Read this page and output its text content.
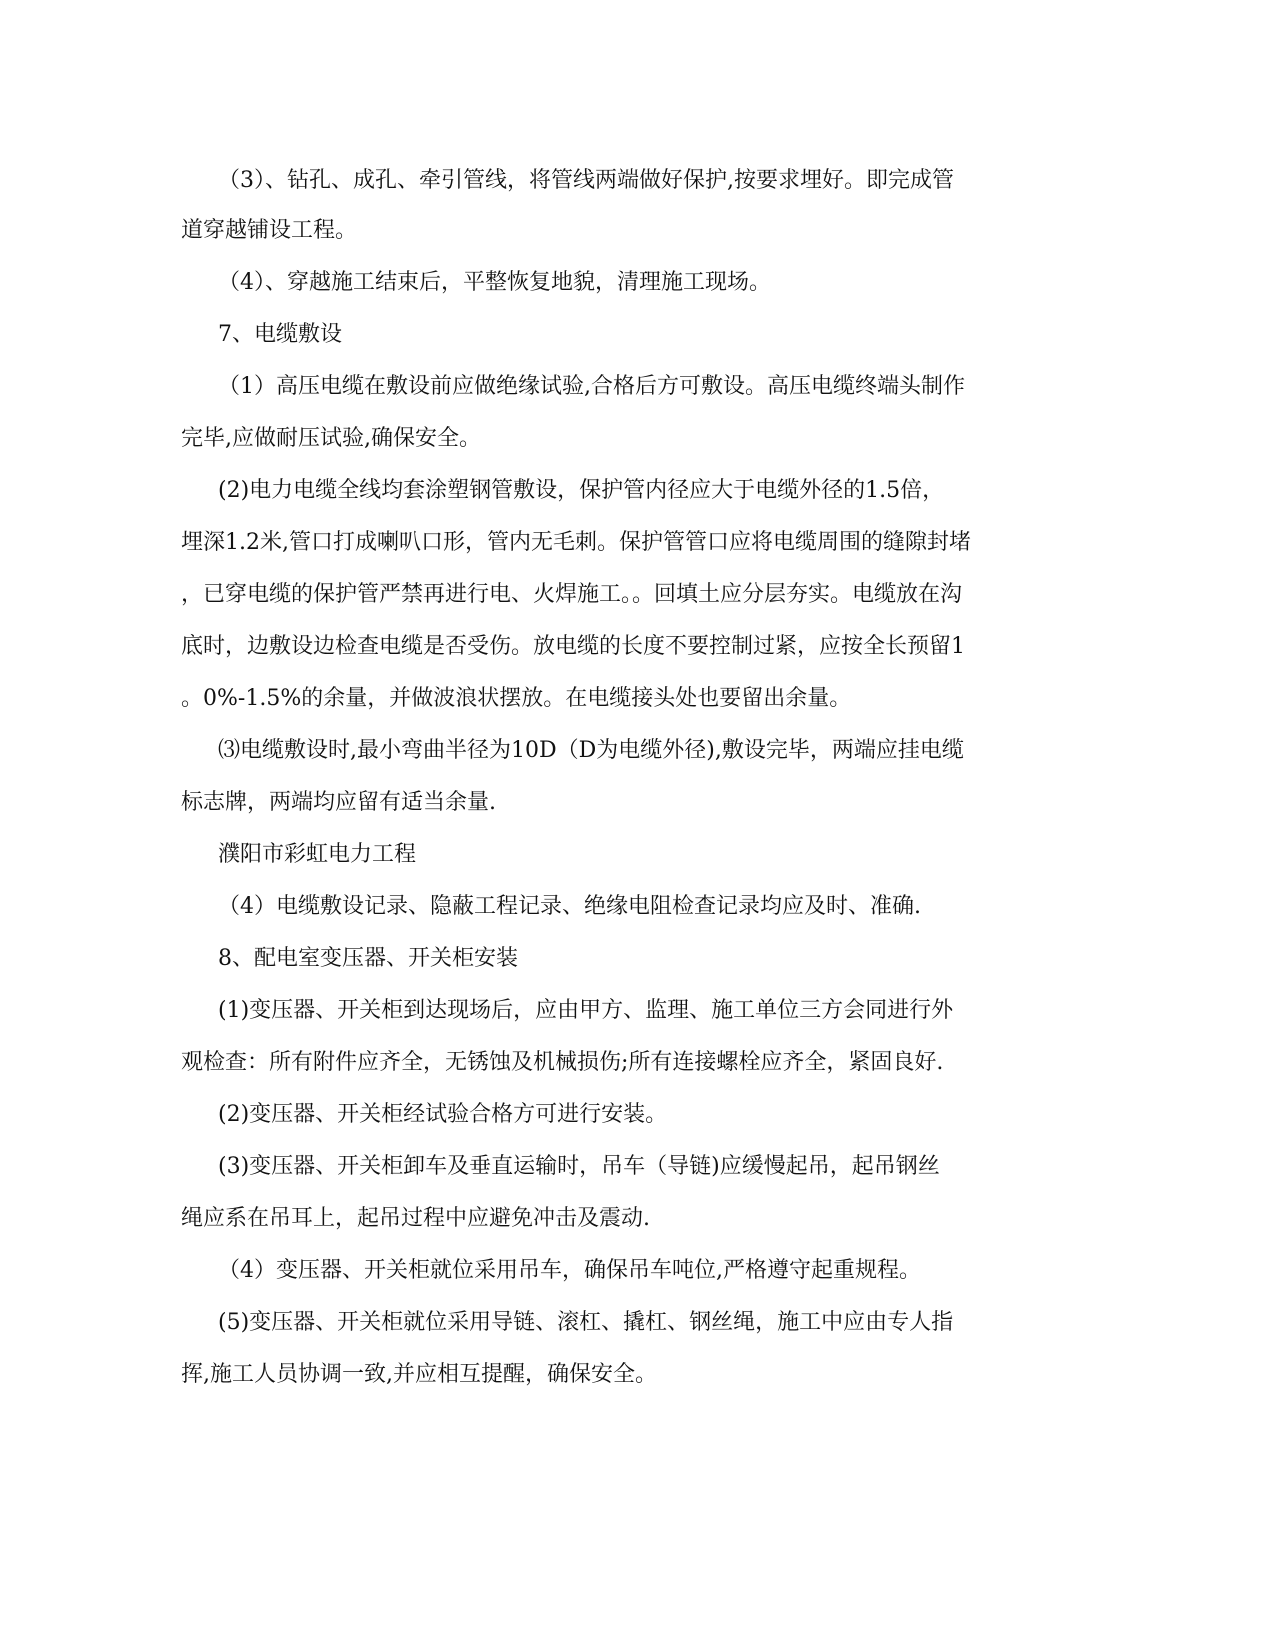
（3）、钻孔、成孔、牵引管线，将管线两端做好保护,按要求埋好。即完成管

道穿越铺设工程。

（4）、穿越施工结束后，平整恢复地貌，清理施工现场。

7、电缆敷设

（1）高压电缆在敷设前应做绝缘试验,合格后方可敷设。高压电缆终端头制作

完毕,应做耐压试验,确保安全。

(2)电力电缆全线均套涂塑钢管敷设，保护管内径应大于电缆外径的1.5倍，

埋深1.2米,管口打成喇叭口形，管内无毛刺。保护管管口应将电缆周围的缝隙封堵

，已穿电缆的保护管严禁再进行电、火焊施工。。回填土应分层夯实。电缆放在沟

底时，边敷设边检查电缆是否受伤。放电缆的长度不要控制过紧，应按全长预留1

。0%-1.5%的余量，并做波浪状摆放。在电缆接头处也要留出余量。

⑶电缆敷设时,最小弯曲半径为10D（D为电缆外径),敷设完毕，两端应挂电缆

标志牌，两端均应留有适当余量.

濮阳市彩虹电力工程

（4）电缆敷设记录、隐蔽工程记录、绝缘电阻检查记录均应及时、准确.

8、配电室变压器、开关柜安装

(1)变压器、开关柜到达现场后，应由甲方、监理、施工单位三方会同进行外

观检查：所有附件应齐全，无锈蚀及机械损伤;所有连接螺栓应齐全，紧固良好.

(2)变压器、开关柜经试验合格方可进行安装。

(3)变压器、开关柜卸车及垂直运输时，吊车（导链)应缓慢起吊，起吊钢丝

绳应系在吊耳上，起吊过程中应避免冲击及震动.

（4）变压器、开关柜就位采用吊车，确保吊车吨位,严格遵守起重规程。

(5)变压器、开关柜就位采用导链、滚杠、撬杠、钢丝绳，施工中应由专人指

挥,施工人员协调一致,并应相互提醒，确保安全。
